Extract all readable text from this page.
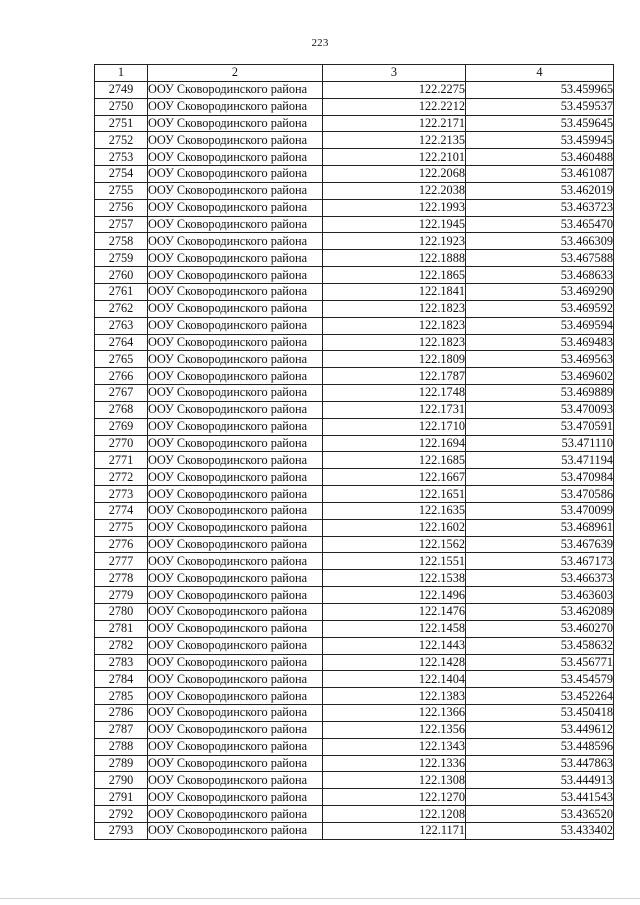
223
1	2	3	4
2749	ООУ Сковородинского района	122.2275	53.459965
2750	ООУ Сковородинского района	122.2212	53.459537
2751	ООУ Сковородинского района	122.2171	53.459645
2752	ООУ Сковородинского района	122.2135	53.459945
2753	ООУ Сковородинского района	122.2101	53.460488
2754	ООУ Сковородинского района	122.2068	53.461087
2755	ООУ Сковородинского района	122.2038	53.462019
2756	ООУ Сковородинского района	122.1993	53.463723
2757	ООУ Сковородинского района	122.1945	53.465470
2758	ООУ Сковородинского района	122.1923	53.466309
2759	ООУ Сковородинского района	122.1888	53.467588
2760	ООУ Сковородинского района	122.1865	53.468633
2761	ООУ Сковородинского района	122.1841	53.469290
2762	ООУ Сковородинского района	122.1823	53.469592
2763	ООУ Сковородинского района	122.1823	53.469594
2764	ООУ Сковородинского района	122.1823	53.469483
2765	ООУ Сковородинского района	122.1809	53.469563
2766	ООУ Сковородинского района	122.1787	53.469602
2767	ООУ Сковородинского района	122.1748	53.469889
2768	ООУ Сковородинского района	122.1731	53.470093
2769	ООУ Сковородинского района	122.1710	53.470591
2770	ООУ Сковородинского района	122.1694	53.471110
2771	ООУ Сковородинского района	122.1685	53.471194
2772	ООУ Сковородинского района	122.1667	53.470984
2773	ООУ Сковородинского района	122.1651	53.470586
2774	ООУ Сковородинского района	122.1635	53.470099
2775	ООУ Сковородинского района	122.1602	53.468961
2776	ООУ Сковородинского района	122.1562	53.467639
2777	ООУ Сковородинского района	122.1551	53.467173
2778	ООУ Сковородинского района	122.1538	53.466373
2779	ООУ Сковородинского района	122.1496	53.463603
2780	ООУ Сковородинского района	122.1476	53.462089
2781	ООУ Сковородинского района	122.1458	53.460270
2782	ООУ Сковородинского района	122.1443	53.458632
2783	ООУ Сковородинского района	122.1428	53.456771
2784	ООУ Сковородинского района	122.1404	53.454579
2785	ООУ Сковородинского района	122.1383	53.452264
2786	ООУ Сковородинского района	122.1366	53.450418
2787	ООУ Сковородинского района	122.1356	53.449612
2788	ООУ Сковородинского района	122.1343	53.448596
2789	ООУ Сковородинского района	122.1336	53.447863
2790	ООУ Сковородинского района	122.1308	53.444913
2791	ООУ Сковородинского района	122.1270	53.441543
2792	ООУ Сковородинского района	122.1208	53.436520
2793	ООУ Сковородинского района	122.1171	53.433402
